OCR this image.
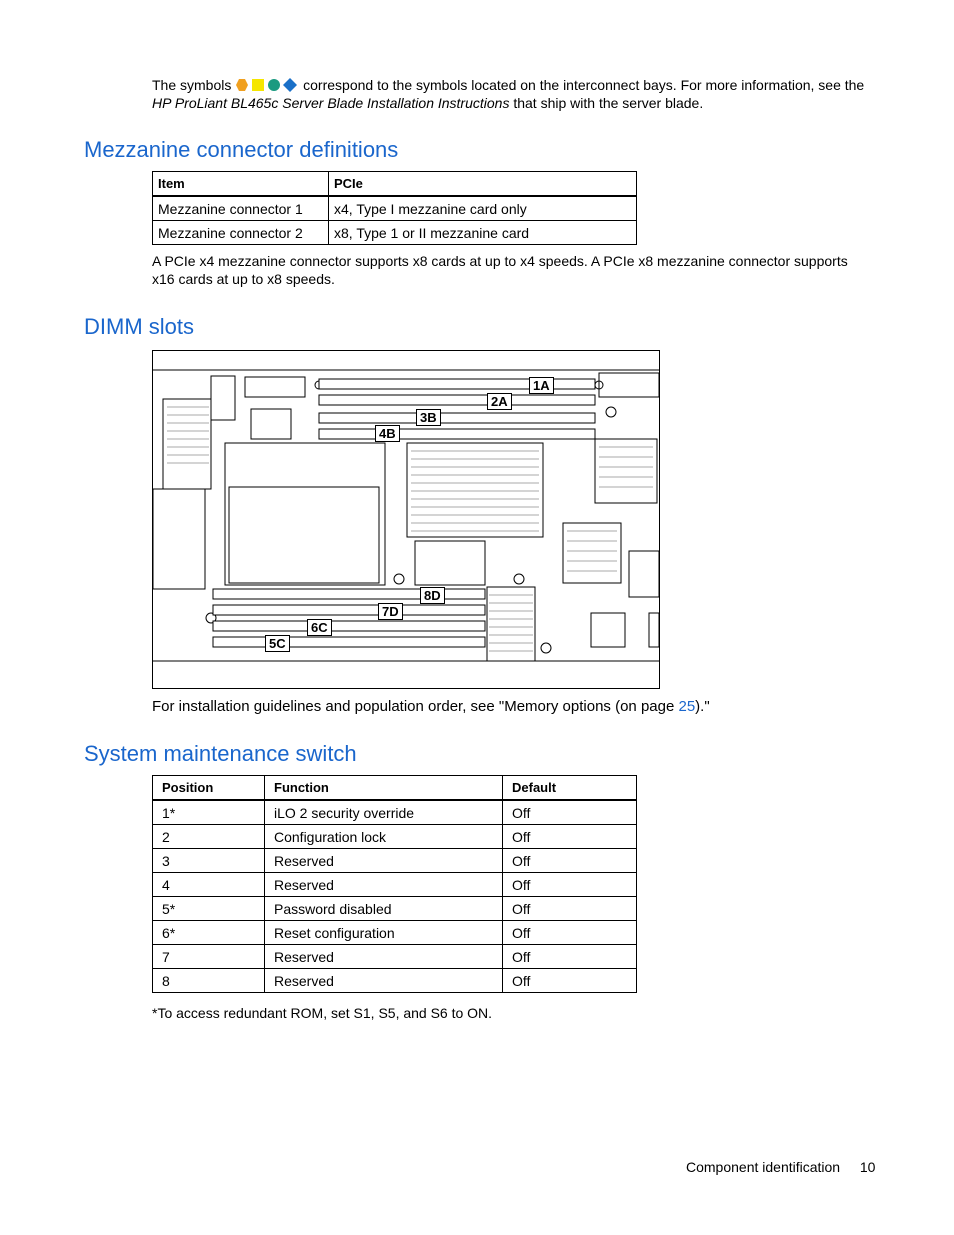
The symbols	correspond to the symbols located on the interconnect bays. For more information, see the

HP ProLiant BL465c Server Blade Installation Instructions that ship with the server blade.

Mezzanine connector definitions
Item	PCIe
Mezzanine connector 1	x4, Type I mezzanine card only
Mezzanine connector 2	x8, Type 1 or II mezzanine card

A PCIe x4 mezzanine connector supports x8 cards at up to x4 speeds. A PCIe x8 mezzanine connector supports x16 cards at up to x8 speeds.

DIMM slots
1A
2A
3B
4B
5C
6C
7D
8D

For installation guidelines and population order, see "Memory options (on page 25)."

System maintenance switch
Position	Function	Default
1*	iLO 2 security override	Off
2	Configuration lock	Off
3	Reserved	Off
4	Reserved	Off
5*	Password disabled	Off
6*	Reset configuration	Off
7	Reserved	Off
8	Reserved	Off

*To access redundant ROM, set S1, S5, and S6 to ON.

Component identification 10
